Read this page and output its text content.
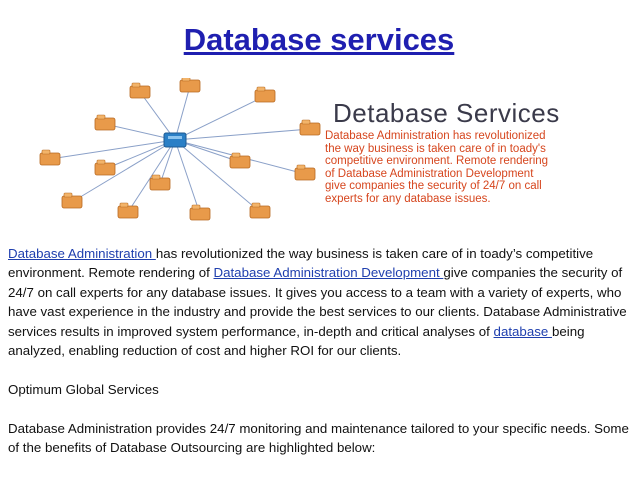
Database services
Detabase Services
Database Administration has revolutionized
the way business is taken care of in toady's
competitive environment. Remote rendering
of Database Administration Development
give companies the security of 24/7 on call
experts for any database issues.

Database Administration has revolutionized the way business is taken care of in toady’s competitive environment. Remote rendering of Database Administration Development give companies the security of 24/7 on call experts for any database issues. It gives you access to a team with a variety of experts, who have vast experience in the industry and provide the best services to our clients. Database Administrative services results in improved system performance, in-depth and critical analyses of database being analyzed, enabling reduction of cost and higher ROI for our clients.

Optimum Global Services

Database Administration provides 24/7 monitoring and maintenance tailored to your specific needs. Some of the benefits of Database Outsourcing are highlighted below:
